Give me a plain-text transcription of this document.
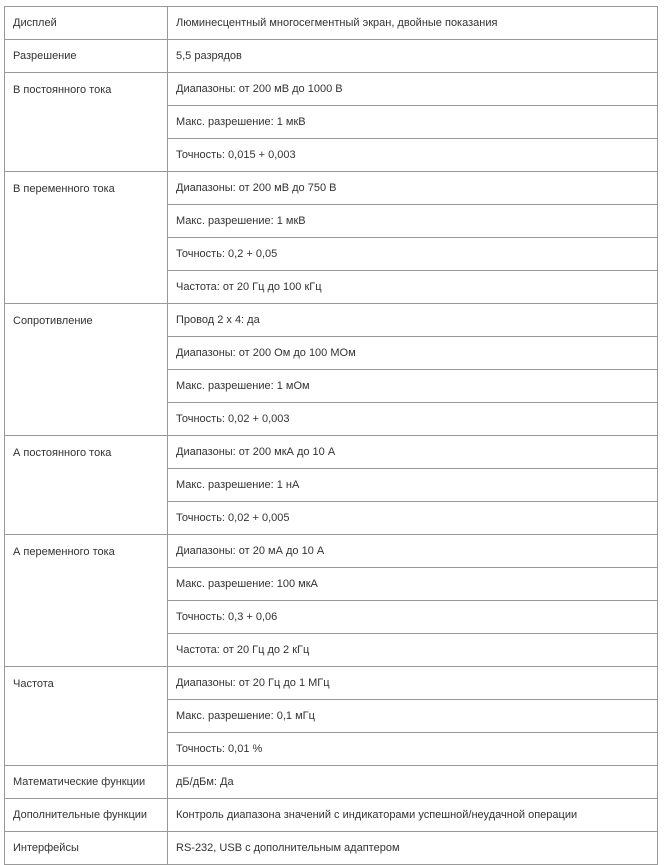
Дисплей	Люминесцентный многосегментный экран, двойные показания
Разрешение	5,5 разрядов
В постоянного тока	Диапазоны: от 200 мВ до 1000 В
	Макс. разрешение: 1 мкВ
	Точность: 0,015 + 0,003
В переменного тока	Диапазоны: от 200 мВ до 750 В
	Макс. разрешение: 1 мкВ
	Точность: 0,2 + 0,05
	Частота: от 20 Гц до 100 кГц
Сопротивление	Провод 2 x 4: да
	Диапазоны: от 200 Ом до 100 МОм
	Макс. разрешение: 1 мОм
	Точность: 0,02 + 0,003
А постоянного тока	Диапазоны: от 200 мкА до 10 А
	Макс. разрешение: 1 нА
	Точность: 0,02 + 0,005
А переменного тока	Диапазоны: от 20 мА до 10 А
	Макс. разрешение: 100 мкА
	Точность: 0,3 + 0,06
	Частота: от 20 Гц до 2 кГц
Частота	Диапазоны: от 20 Гц до 1 МГц
	Макс. разрешение: 0,1 мГц
	Точность: 0,01 %
Математические функции	дБ/дБм: Да
Дополнительные функции	Контроль диапазона значений с индикаторами успешной/неудачной операции
Интерфейсы	RS-232, USB с дополнительным адаптером
